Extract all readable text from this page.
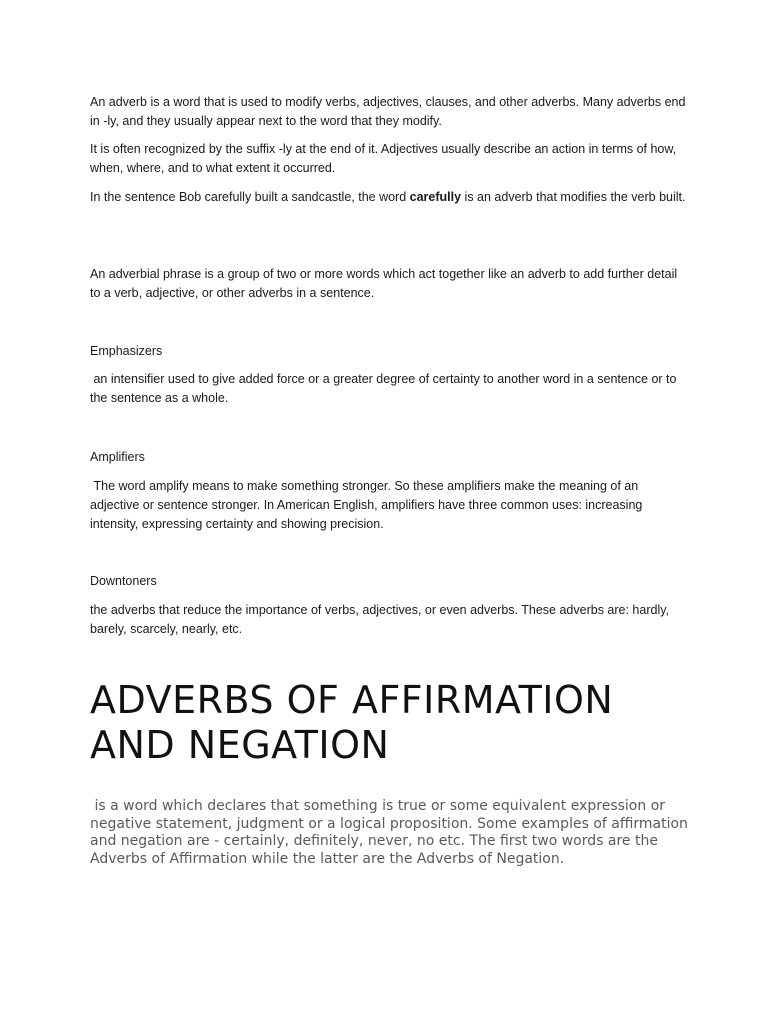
An adverb is a word that is used to modify verbs, adjectives, clauses, and other adverbs. Many adverbs end in -ly, and they usually appear next to the word that they modify.

It is often recognized by the suffix -ly at the end of it. Adjectives usually describe an action in terms of how, when, where, and to what extent it occurred.

In the sentence Bob carefully built a sandcastle, the word carefully is an adverb that modifies the verb built.

An adverbial phrase is a group of two or more words which act together like an adverb to add further detail to a verb, adjective, or other adverbs in a sentence.

Emphasizers

an intensifier used to give added force or a greater degree of certainty to another word in a sentence or to the sentence as a whole.

Amplifiers

The word amplify means to make something stronger. So these amplifiers make the meaning of an adjective or sentence stronger. In American English, amplifiers have three common uses: increasing intensity, expressing certainty and showing precision.

Downtoners

the adverbs that reduce the importance of verbs, adjectives, or even adverbs. These adverbs are: hardly, barely, scarcely, nearly, etc.

ADVERBS OF AFFIRMATION
AND NEGATION

is a word which declares that something is true or some equivalent expression or negative statement, judgment or a logical proposition. Some examples of affirmation and negation are - certainly, definitely, never, no etc. The first two words are the Adverbs of Affirmation while the latter are the Adverbs of Negation.
